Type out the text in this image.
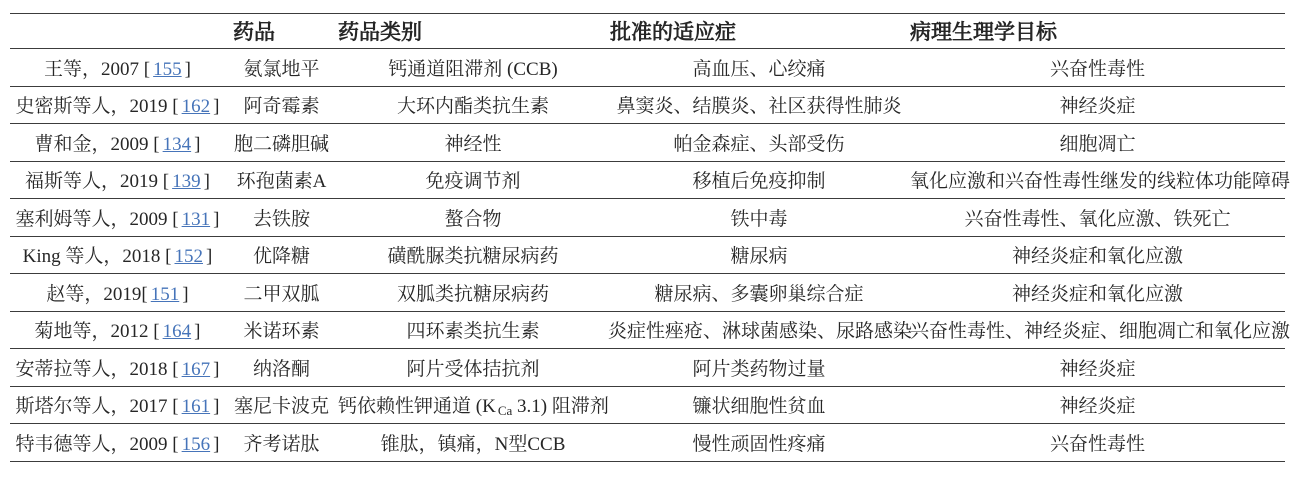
	药品	药品类别	批准的适应症	病理生理学目标
王等，2007 [ 155 ]	氨氯地平	钙通道阻滞剂 (CCB)	高血压、心绞痛	兴奋性毒性
史密斯等人，2019 [ 162 ]	阿奇霉素	大环内酯类抗生素	鼻窦炎、结膜炎、社区获得性肺炎	神经炎症
曹和金，2009 [ 134 ]	胞二磷胆碱	神经性	帕金森症、头部受伤	细胞凋亡
福斯等人，2019 [ 139 ]	环孢菌素A	免疫调节剂	移植后免疫抑制	氧化应激和兴奋性毒性继发的线粒体功能障碍
塞利姆等人，2009 [ 131 ]	去铁胺	螯合物	铁中毒	兴奋性毒性、氧化应激、铁死亡
King 等人，2018 [ 152 ]	优降糖	磺酰脲类抗糖尿病药	糖尿病	神经炎症和氧化应激
赵等，2019[ 151 ]	二甲双胍	双胍类抗糖尿病药	糖尿病、多囊卵巢综合症	神经炎症和氧化应激
菊地等，2012 [ 164 ]	米诺环素	四环素类抗生素	炎症性痤疮、淋球菌感染、尿路感染	兴奋性毒性、神经炎症、细胞凋亡和氧化应激
安蒂拉等人，2018 [ 167 ]	纳洛酮	阿片受体拮抗剂	阿片类药物过量	神经炎症
斯塔尔等人，2017 [ 161 ]	塞尼卡波克	钙依赖性钾通道 (K $_{Ca}$ 3.1) 阻滞剂	镰状细胞性贫血	神经炎症
特韦德等人，2009 [ 156 ]	齐考诺肽	锥肽，镇痛，N型CCB	慢性顽固性疼痛	兴奋性毒性
